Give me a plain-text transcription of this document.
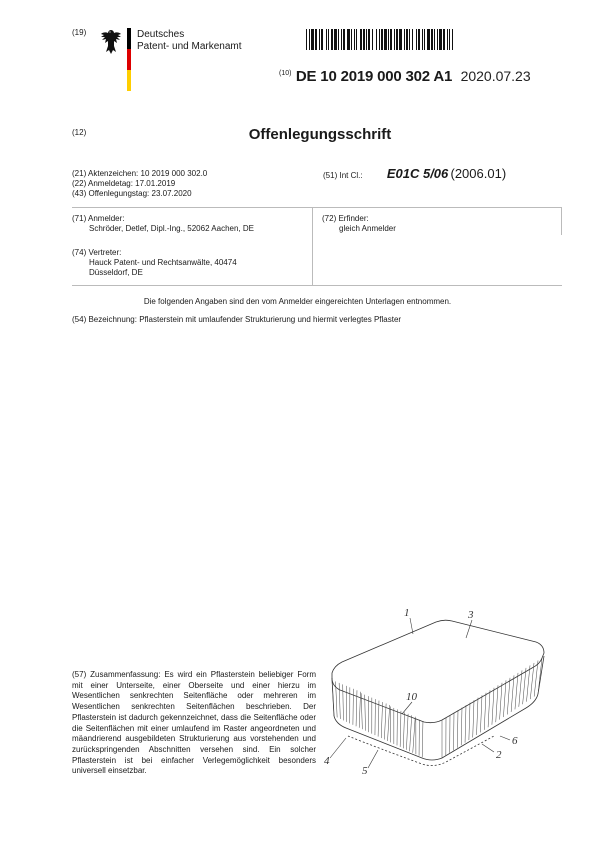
(19)	Deutsches
Patent- und Markenamt
$^{(10)}$ DE 10 2019 000 302 A1 2020.07.23
(12)	Offenlegungsschrift
(21) Aktenzeichen: 10 2019 000 302.0
(22) Anmeldetag: 17.01.2019
(43) Offenlegungstag: 23.07.2020
(51) Int Cl.: E01C 5/06 (2006.01)
(71) Anmelder:
Schröder, Detlef, Dipl.-Ing., 52062 Aachen, DE
(72) Erfinder:
gleich Anmelder
(74) Vertreter:
Hauck Patent- und Rechtsanwälte, 40474
Düsseldorf, DE
Die folgenden Angaben sind den vom Anmelder eingereichten Unterlagen entnommen.
(54) Bezeichnung: Pflasterstein mit umlaufender Strukturierung und hiermit verlegtes Pflaster
(57) Zusammenfassung: Es wird ein Pflasterstein beliebiger Form mit einer Unterseite, einer Oberseite und einer hierzu im Wesentlichen senkrechten Seitenfläche oder mehreren im Wesentlichen senkrechten Seitenflächen beschrieben. Der Pflasterstein ist dadurch gekennzeichnet, dass die Seitenfläche oder die Seitenflächen mit einer umlaufend im Raster angeordneten und mäandrierend ausgebildeten Strukturierung aus vorstehenden und zurückspringenden Abschnitten versehen sind. Ein solcher Pflasterstein ist bei einfacher Verlegemöglichkeit besonders universell einsetzbar.
1	3
10
4
5
2
6
